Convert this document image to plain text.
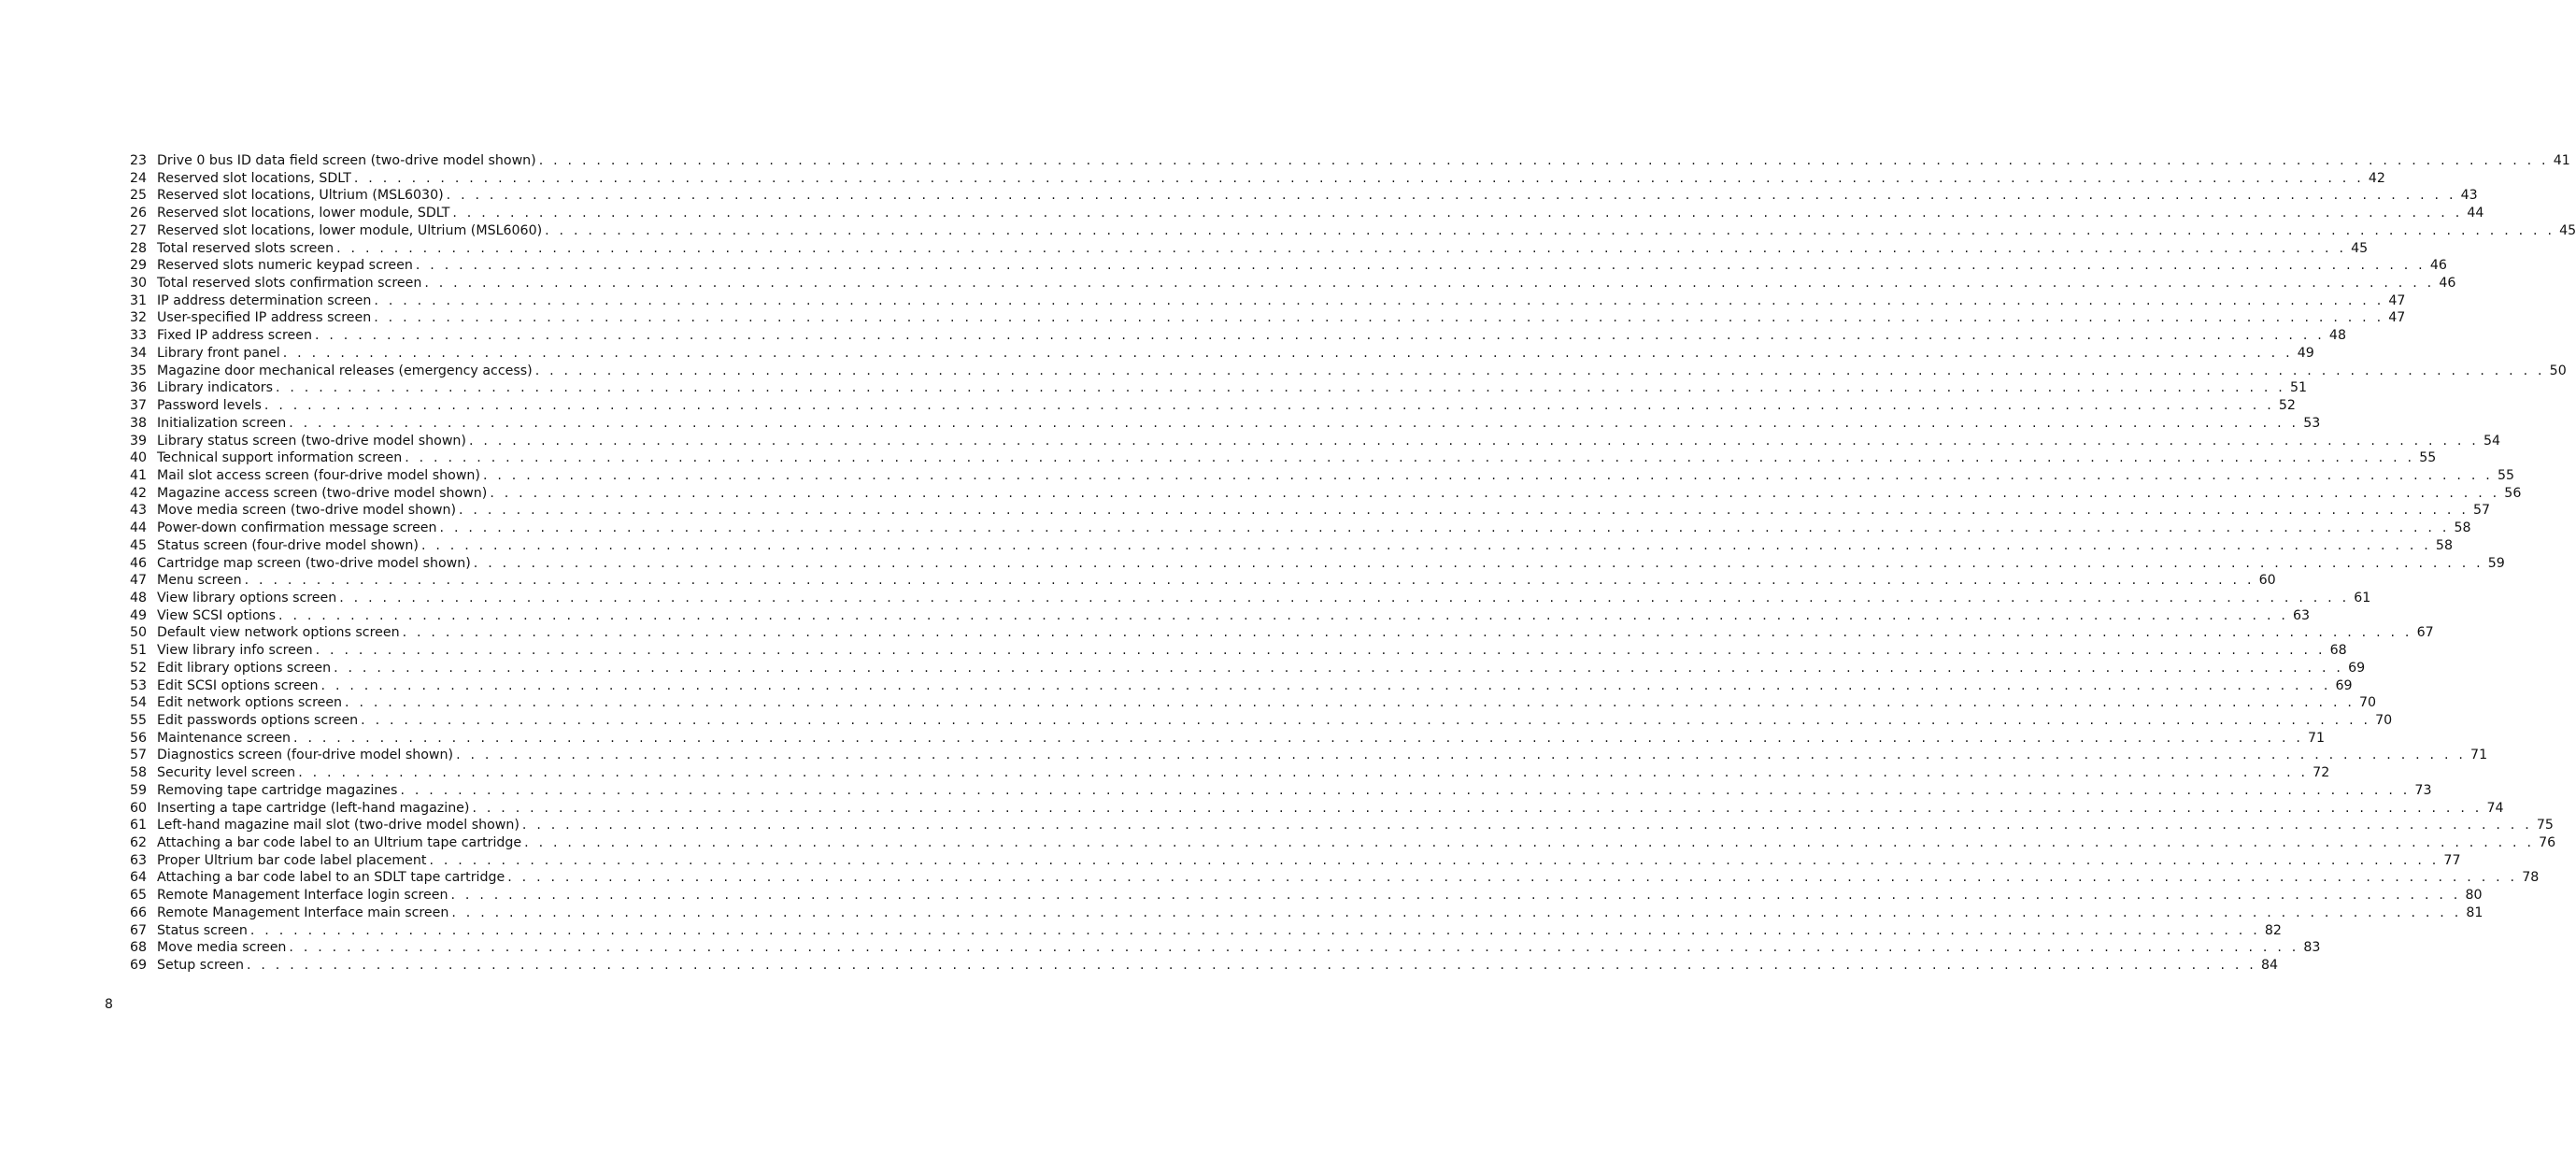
23 Drive 0 bus ID data field screen (two-drive model shown) . . . . . . . . . . . . . . . . . . . . . . . . . . . . . . . . . . . . . . . . . . . . . . . . . . . . . . . . . . . . . . . . . . . . . . . . . . . . . . . . . . . . . . . . . . . . . . . . . . . . . . . . . . . . . . . . . . . . . . . . . . . . . . . . . . . . . . . . . . . . 41
24 Reserved slot locations, SDLT . . . . . . . . . . . . . . . . . . . . . . . . . . . . . . . . . . . . . . . . . . . . . . . . . . . . . . . . . . . . . . . . . . . . . . . . . . . . . . . . . . . . . . . . . . . . . . . . . . . . . . . . . . . . . . . . . . . . . . . . . . . . . . . . . . . . . . . . . . . . 42
25 Reserved slot locations, Ultrium (MSL6030) . . . . . . . . . . . . . . . . . . . . . . . . . . . . . . . . . . . . . . . . . . . . . . . . . . . . . . . . . . . . . . . . . . . . . . . . . . . . . . . . . . . . . . . . . . . . . . . . . . . . . . . . . . . . . . . . . . . . . . . . . . . . . . . . . . . . . . . . . . . . 43
26 Reserved slot locations, lower module, SDLT . . . . . . . . . . . . . . . . . . . . . . . . . . . . . . . . . . . . . . . . . . . . . . . . . . . . . . . . . . . . . . . . . . . . . . . . . . . . . . . . . . . . . . . . . . . . . . . . . . . . . . . . . . . . . . . . . . . . . . . . . . . . . . . . . . . . . . . . . . . . 44
27 Reserved slot locations, lower module, Ultrium (MSL6060) . . . . . . . . . . . . . . . . . . . . . . . . . . . . . . . . . . . . . . . . . . . . . . . . . . . . . . . . . . . . . . . . . . . . . . . . . . . . . . . . . . . . . . . . . . . . . . . . . . . . . . . . . . . . . . . . . . . . . . . . . . . . . . . . . . . . . . . . . . . . 45
28 Total reserved slots screen . . . . . . . . . . . . . . . . . . . . . . . . . . . . . . . . . . . . . . . . . . . . . . . . . . . . . . . . . . . . . . . . . . . . . . . . . . . . . . . . . . . . . . . . . . . . . . . . . . . . . . . . . . . . . . . . . . . . . . . . . . . . . . . . . . . . . . . . . . . . 45
29 Reserved slots numeric keypad screen . . . . . . . . . . . . . . . . . . . . . . . . . . . . . . . . . . . . . . . . . . . . . . . . . . . . . . . . . . . . . . . . . . . . . . . . . . . . . . . . . . . . . . . . . . . . . . . . . . . . . . . . . . . . . . . . . . . . . . . . . . . . . . . . . . . . . . . . . . . . 46
30 Total reserved slots confirmation screen . . . . . . . . . . . . . . . . . . . . . . . . . . . . . . . . . . . . . . . . . . . . . . . . . . . . . . . . . . . . . . . . . . . . . . . . . . . . . . . . . . . . . . . . . . . . . . . . . . . . . . . . . . . . . . . . . . . . . . . . . . . . . . . . . . . . . . . . . . . . 46
31 IP address determination screen . . . . . . . . . . . . . . . . . . . . . . . . . . . . . . . . . . . . . . . . . . . . . . . . . . . . . . . . . . . . . . . . . . . . . . . . . . . . . . . . . . . . . . . . . . . . . . . . . . . . . . . . . . . . . . . . . . . . . . . . . . . . . . . . . . . . . . . . . . . . 47
32 User-specified IP address screen . . . . . . . . . . . . . . . . . . . . . . . . . . . . . . . . . . . . . . . . . . . . . . . . . . . . . . . . . . . . . . . . . . . . . . . . . . . . . . . . . . . . . . . . . . . . . . . . . . . . . . . . . . . . . . . . . . . . . . . . . . . . . . . . . . . . . . . . . . . . 47
33 Fixed IP address screen . . . . . . . . . . . . . . . . . . . . . . . . . . . . . . . . . . . . . . . . . . . . . . . . . . . . . . . . . . . . . . . . . . . . . . . . . . . . . . . . . . . . . . . . . . . . . . . . . . . . . . . . . . . . . . . . . . . . . . . . . . . . . . . . . . . . . . . . . . . . 48
34 Library front panel . . . . . . . . . . . . . . . . . . . . . . . . . . . . . . . . . . . . . . . . . . . . . . . . . . . . . . . . . . . . . . . . . . . . . . . . . . . . . . . . . . . . . . . . . . . . . . . . . . . . . . . . . . . . . . . . . . . . . . . . . . . . . . . . . . . . . . . . . . . . 49
35 Magazine door mechanical releases (emergency access) . . . . . . . . . . . . . . . . . . . . . . . . . . . . . . . . . . . . . . . . . . . . . . . . . . . . . . . . . . . . . . . . . . . . . . . . . . . . . . . . . . . . . . . . . . . . . . . . . . . . . . . . . . . . . . . . . . . . . . . . . . . . . . . . . . . . . . . . . . . . 50
36 Library indicators . . . . . . . . . . . . . . . . . . . . . . . . . . . . . . . . . . . . . . . . . . . . . . . . . . . . . . . . . . . . . . . . . . . . . . . . . . . . . . . . . . . . . . . . . . . . . . . . . . . . . . . . . . . . . . . . . . . . . . . . . . . . . . . . . . . . . . . . . . . . 51
37 Password levels . . . . . . . . . . . . . . . . . . . . . . . . . . . . . . . . . . . . . . . . . . . . . . . . . . . . . . . . . . . . . . . . . . . . . . . . . . . . . . . . . . . . . . . . . . . . . . . . . . . . . . . . . . . . . . . . . . . . . . . . . . . . . . . . . . . . . . . . . . . . 52
38 Initialization screen . . . . . . . . . . . . . . . . . . . . . . . . . . . . . . . . . . . . . . . . . . . . . . . . . . . . . . . . . . . . . . . . . . . . . . . . . . . . . . . . . . . . . . . . . . . . . . . . . . . . . . . . . . . . . . . . . . . . . . . . . . . . . . . . . . . . . . . . . . . . 53
39 Library status screen (two-drive model shown) . . . . . . . . . . . . . . . . . . . . . . . . . . . . . . . . . . . . . . . . . . . . . . . . . . . . . . . . . . . . . . . . . . . . . . . . . . . . . . . . . . . . . . . . . . . . . . . . . . . . . . . . . . . . . . . . . . . . . . . . . . . . . . . . . . . . . . . . . . . . 54
40 Technical support information screen . . . . . . . . . . . . . . . . . . . . . . . . . . . . . . . . . . . . . . . . . . . . . . . . . . . . . . . . . . . . . . . . . . . . . . . . . . . . . . . . . . . . . . . . . . . . . . . . . . . . . . . . . . . . . . . . . . . . . . . . . . . . . . . . . . . . . . . . . . . . 55
41 Mail slot access screen (four-drive model shown) . . . . . . . . . . . . . . . . . . . . . . . . . . . . . . . . . . . . . . . . . . . . . . . . . . . . . . . . . . . . . . . . . . . . . . . . . . . . . . . . . . . . . . . . . . . . . . . . . . . . . . . . . . . . . . . . . . . . . . . . . . . . . . . . . . . . . . . . . . . . 55
42 Magazine access screen (two-drive model shown) . . . . . . . . . . . . . . . . . . . . . . . . . . . . . . . . . . . . . . . . . . . . . . . . . . . . . . . . . . . . . . . . . . . . . . . . . . . . . . . . . . . . . . . . . . . . . . . . . . . . . . . . . . . . . . . . . . . . . . . . . . . . . . . . . . . . . . . . . . . . 56
43 Move media screen (two-drive model shown) . . . . . . . . . . . . . . . . . . . . . . . . . . . . . . . . . . . . . . . . . . . . . . . . . . . . . . . . . . . . . . . . . . . . . . . . . . . . . . . . . . . . . . . . . . . . . . . . . . . . . . . . . . . . . . . . . . . . . . . . . . . . . . . . . . . . . . . . . . . . 57
44 Power-down confirmation message screen . . . . . . . . . . . . . . . . . . . . . . . . . . . . . . . . . . . . . . . . . . . . . . . . . . . . . . . . . . . . . . . . . . . . . . . . . . . . . . . . . . . . . . . . . . . . . . . . . . . . . . . . . . . . . . . . . . . . . . . . . . . . . . . . . . . . . . . . . . . . 58
45 Status screen (four-drive model shown) . . . . . . . . . . . . . . . . . . . . . . . . . . . . . . . . . . . . . . . . . . . . . . . . . . . . . . . . . . . . . . . . . . . . . . . . . . . . . . . . . . . . . . . . . . . . . . . . . . . . . . . . . . . . . . . . . . . . . . . . . . . . . . . . . . . . . . . . . . . . 58
46 Cartridge map screen (two-drive model shown) . . . . . . . . . . . . . . . . . . . . . . . . . . . . . . . . . . . . . . . . . . . . . . . . . . . . . . . . . . . . . . . . . . . . . . . . . . . . . . . . . . . . . . . . . . . . . . . . . . . . . . . . . . . . . . . . . . . . . . . . . . . . . . . . . . . . . . . . . . . . 59
47 Menu screen . . . . . . . . . . . . . . . . . . . . . . . . . . . . . . . . . . . . . . . . . . . . . . . . . . . . . . . . . . . . . . . . . . . . . . . . . . . . . . . . . . . . . . . . . . . . . . . . . . . . . . . . . . . . . . . . . . . . . . . . . . . . . . . . . . . . . . . . . . . . 60
48 View library options screen . . . . . . . . . . . . . . . . . . . . . . . . . . . . . . . . . . . . . . . . . . . . . . . . . . . . . . . . . . . . . . . . . . . . . . . . . . . . . . . . . . . . . . . . . . . . . . . . . . . . . . . . . . . . . . . . . . . . . . . . . . . . . . . . . . . . . . . . . . . . 61
49 View SCSI options . . . . . . . . . . . . . . . . . . . . . . . . . . . . . . . . . . . . . . . . . . . . . . . . . . . . . . . . . . . . . . . . . . . . . . . . . . . . . . . . . . . . . . . . . . . . . . . . . . . . . . . . . . . . . . . . . . . . . . . . . . . . . . . . . . . . . . . . . . . . 63
50 Default view network options screen . . . . . . . . . . . . . . . . . . . . . . . . . . . . . . . . . . . . . . . . . . . . . . . . . . . . . . . . . . . . . . . . . . . . . . . . . . . . . . . . . . . . . . . . . . . . . . . . . . . . . . . . . . . . . . . . . . . . . . . . . . . . . . . . . . . . . . . . . . . . 67
51 View library info screen . . . . . . . . . . . . . . . . . . . . . . . . . . . . . . . . . . . . . . . . . . . . . . . . . . . . . . . . . . . . . . . . . . . . . . . . . . . . . . . . . . . . . . . . . . . . . . . . . . . . . . . . . . . . . . . . . . . . . . . . . . . . . . . . . . . . . . . . . . . . 68
52 Edit library options screen . . . . . . . . . . . . . . . . . . . . . . . . . . . . . . . . . . . . . . . . . . . . . . . . . . . . . . . . . . . . . . . . . . . . . . . . . . . . . . . . . . . . . . . . . . . . . . . . . . . . . . . . . . . . . . . . . . . . . . . . . . . . . . . . . . . . . . . . . . . . 69
53 Edit SCSI options screen . . . . . . . . . . . . . . . . . . . . . . . . . . . . . . . . . . . . . . . . . . . . . . . . . . . . . . . . . . . . . . . . . . . . . . . . . . . . . . . . . . . . . . . . . . . . . . . . . . . . . . . . . . . . . . . . . . . . . . . . . . . . . . . . . . . . . . . . . . . . 69
54 Edit network options screen . . . . . . . . . . . . . . . . . . . . . . . . . . . . . . . . . . . . . . . . . . . . . . . . . . . . . . . . . . . . . . . . . . . . . . . . . . . . . . . . . . . . . . . . . . . . . . . . . . . . . . . . . . . . . . . . . . . . . . . . . . . . . . . . . . . . . . . . . . . . 70
55 Edit passwords options screen . . . . . . . . . . . . . . . . . . . . . . . . . . . . . . . . . . . . . . . . . . . . . . . . . . . . . . . . . . . . . . . . . . . . . . . . . . . . . . . . . . . . . . . . . . . . . . . . . . . . . . . . . . . . . . . . . . . . . . . . . . . . . . . . . . . . . . . . . . . . 70
56 Maintenance screen . . . . . . . . . . . . . . . . . . . . . . . . . . . . . . . . . . . . . . . . . . . . . . . . . . . . . . . . . . . . . . . . . . . . . . . . . . . . . . . . . . . . . . . . . . . . . . . . . . . . . . . . . . . . . . . . . . . . . . . . . . . . . . . . . . . . . . . . . . . . 71
57 Diagnostics screen (four-drive model shown) . . . . . . . . . . . . . . . . . . . . . . . . . . . . . . . . . . . . . . . . . . . . . . . . . . . . . . . . . . . . . . . . . . . . . . . . . . . . . . . . . . . . . . . . . . . . . . . . . . . . . . . . . . . . . . . . . . . . . . . . . . . . . . . . . . . . . . . . . . . . 71
58 Security level screen . . . . . . . . . . . . . . . . . . . . . . . . . . . . . . . . . . . . . . . . . . . . . . . . . . . . . . . . . . . . . . . . . . . . . . . . . . . . . . . . . . . . . . . . . . . . . . . . . . . . . . . . . . . . . . . . . . . . . . . . . . . . . . . . . . . . . . . . . . . . 72
59 Removing tape cartridge magazines . . . . . . . . . . . . . . . . . . . . . . . . . . . . . . . . . . . . . . . . . . . . . . . . . . . . . . . . . . . . . . . . . . . . . . . . . . . . . . . . . . . . . . . . . . . . . . . . . . . . . . . . . . . . . . . . . . . . . . . . . . . . . . . . . . . . . . . . . . . . 73
60 Inserting a tape cartridge (left-hand magazine) . . . . . . . . . . . . . . . . . . . . . . . . . . . . . . . . . . . . . . . . . . . . . . . . . . . . . . . . . . . . . . . . . . . . . . . . . . . . . . . . . . . . . . . . . . . . . . . . . . . . . . . . . . . . . . . . . . . . . . . . . . . . . . . . . . . . . . . . . . . . 74
61 Left-hand magazine mail slot (two-drive model shown) . . . . . . . . . . . . . . . . . . . . . . . . . . . . . . . . . . . . . . . . . . . . . . . . . . . . . . . . . . . . . . . . . . . . . . . . . . . . . . . . . . . . . . . . . . . . . . . . . . . . . . . . . . . . . . . . . . . . . . . . . . . . . . . . . . . . . . . . . . . . 75
62 Attaching a bar code label to an Ultrium tape cartridge . . . . . . . . . . . . . . . . . . . . . . . . . . . . . . . . . . . . . . . . . . . . . . . . . . . . . . . . . . . . . . . . . . . . . . . . . . . . . . . . . . . . . . . . . . . . . . . . . . . . . . . . . . . . . . . . . . . . . . . . . . . . . . . . . . . . . . . . . . . . 76
63 Proper Ultrium bar code label placement . . . . . . . . . . . . . . . . . . . . . . . . . . . . . . . . . . . . . . . . . . . . . . . . . . . . . . . . . . . . . . . . . . . . . . . . . . . . . . . . . . . . . . . . . . . . . . . . . . . . . . . . . . . . . . . . . . . . . . . . . . . . . . . . . . . . . . . . . . . . 77
64 Attaching a bar code label to an SDLT tape cartridge . . . . . . . . . . . . . . . . . . . . . . . . . . . . . . . . . . . . . . . . . . . . . . . . . . . . . . . . . . . . . . . . . . . . . . . . . . . . . . . . . . . . . . . . . . . . . . . . . . . . . . . . . . . . . . . . . . . . . . . . . . . . . . . . . . . . . . . . . . . . 78
65 Remote Management Interface login screen . . . . . . . . . . . . . . . . . . . . . . . . . . . . . . . . . . . . . . . . . . . . . . . . . . . . . . . . . . . . . . . . . . . . . . . . . . . . . . . . . . . . . . . . . . . . . . . . . . . . . . . . . . . . . . . . . . . . . . . . . . . . . . . . . . . . . . . . . . . . 80
66 Remote Management Interface main screen . . . . . . . . . . . . . . . . . . . . . . . . . . . . . . . . . . . . . . . . . . . . . . . . . . . . . . . . . . . . . . . . . . . . . . . . . . . . . . . . . . . . . . . . . . . . . . . . . . . . . . . . . . . . . . . . . . . . . . . . . . . . . . . . . . . . . . . . . . . . 81
67 Status screen . . . . . . . . . . . . . . . . . . . . . . . . . . . . . . . . . . . . . . . . . . . . . . . . . . . . . . . . . . . . . . . . . . . . . . . . . . . . . . . . . . . . . . . . . . . . . . . . . . . . . . . . . . . . . . . . . . . . . . . . . . . . . . . . . . . . . . . . . . . . 82
68 Move media screen . . . . . . . . . . . . . . . . . . . . . . . . . . . . . . . . . . . . . . . . . . . . . . . . . . . . . . . . . . . . . . . . . . . . . . . . . . . . . . . . . . . . . . . . . . . . . . . . . . . . . . . . . . . . . . . . . . . . . . . . . . . . . . . . . . . . . . . . . . . . 83
69 Setup screen . . . . . . . . . . . . . . . . . . . . . . . . . . . . . . . . . . . . . . . . . . . . . . . . . . . . . . . . . . . . . . . . . . . . . . . . . . . . . . . . . . . . . . . . . . . . . . . . . . . . . . . . . . . . . . . . . . . . . . . . . . . . . . . . . . . . . . . . . . . . 84
8
